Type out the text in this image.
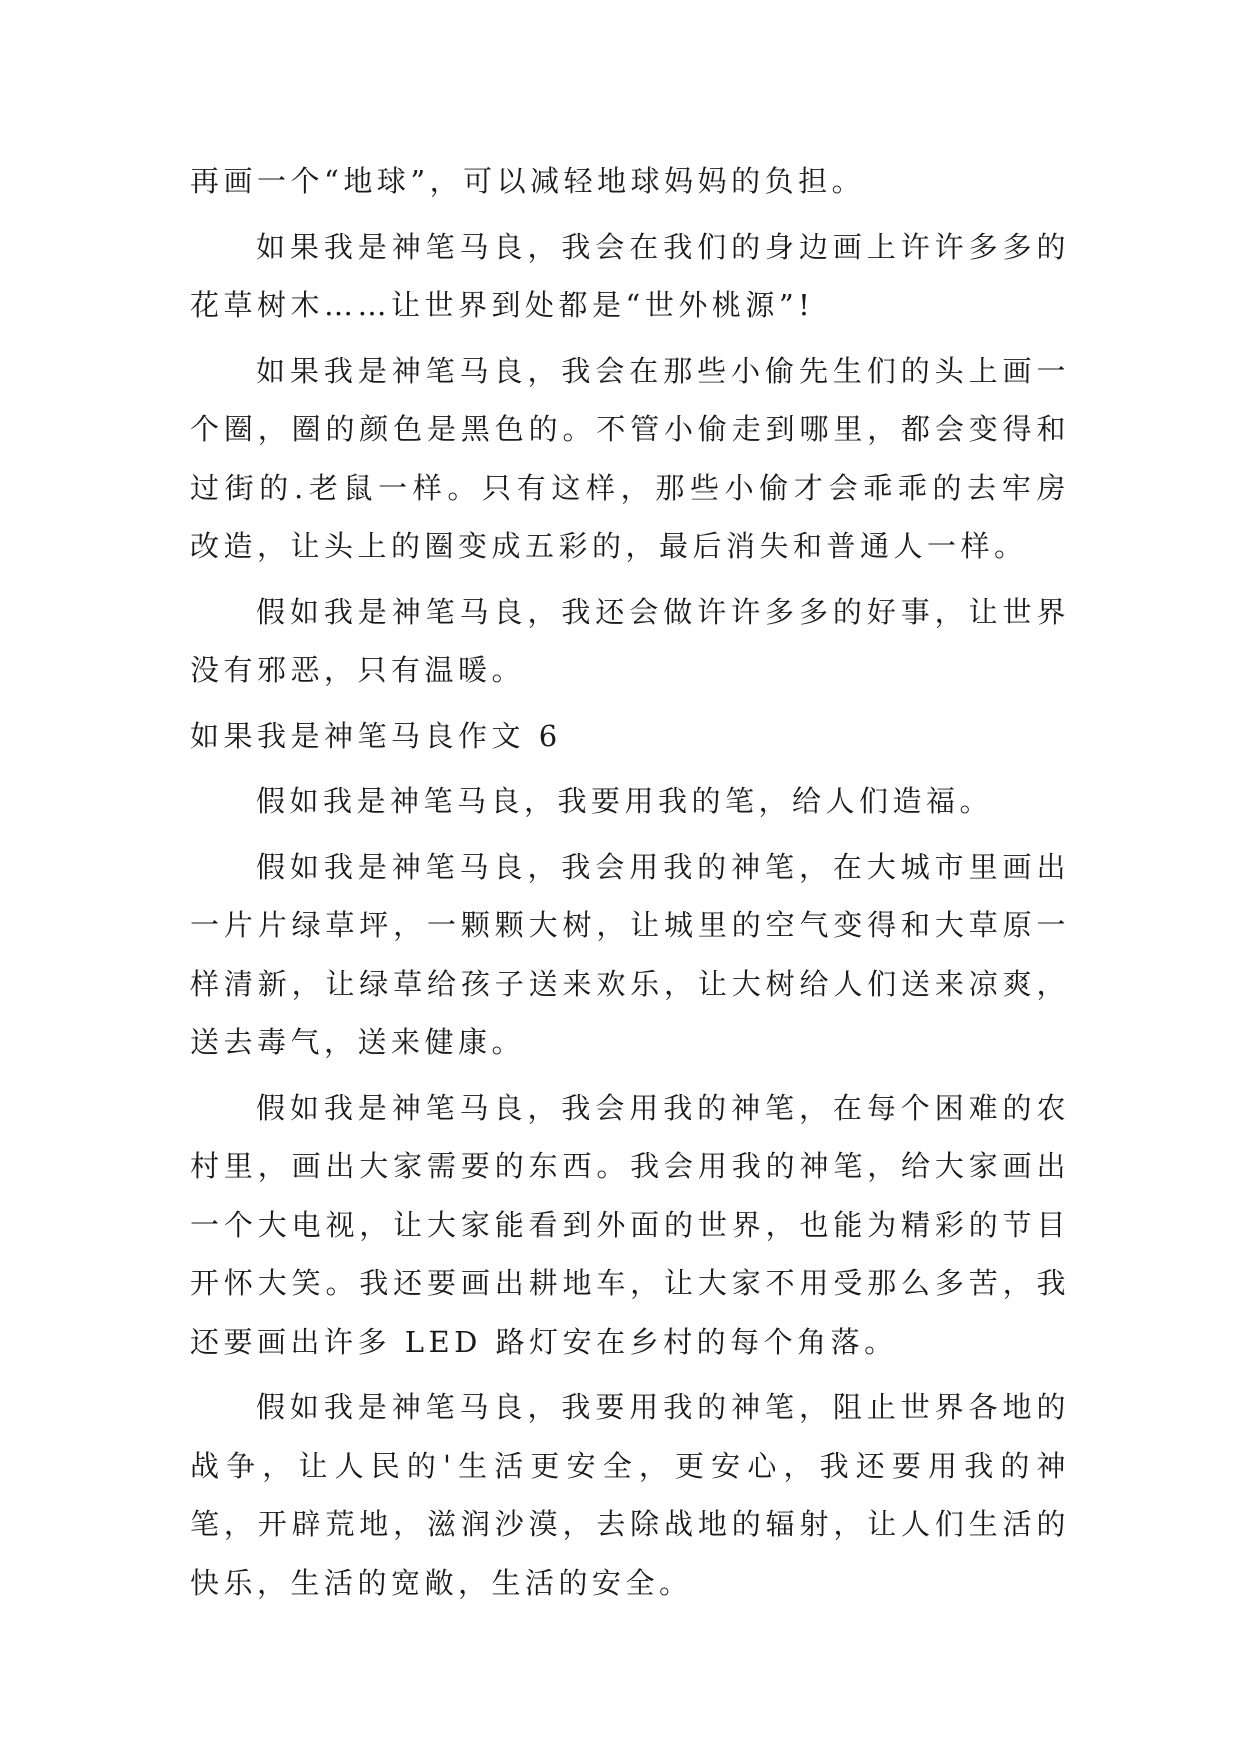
再画一个“地球”，可以减轻地球妈妈的负担。

如果我是神笔马良，我会在我们的身边画上许许多多的花草树木……让世界到处都是“世外桃源”!

如果我是神笔马良，我会在那些小偷先生们的头上画一个圈，圈的颜色是黑色的。不管小偷走到哪里，都会变得和过街的.老鼠一样。只有这样，那些小偷才会乖乖的去牢房改造，让头上的圈变成五彩的，最后消失和普通人一样。

假如我是神笔马良，我还会做许许多多的好事，让世界没有邪恶，只有温暖。

如果我是神笔马良作文 6

假如我是神笔马良，我要用我的笔，给人们造福。

假如我是神笔马良，我会用我的神笔，在大城市里画出一片片绿草坪，一颗颗大树，让城里的空气变得和大草原一样清新，让绿草给孩子送来欢乐，让大树给人们送来凉爽，送去毒气，送来健康。

假如我是神笔马良，我会用我的神笔，在每个困难的农村里，画出大家需要的东西。我会用我的神笔，给大家画出一个大电视，让大家能看到外面的世界，也能为精彩的节目开怀大笑。我还要画出耕地车，让大家不用受那么多苦，我还要画出许多 LED 路灯安在乡村的每个角落。

假如我是神笔马良，我要用我的神笔，阻止世界各地的战争，让人民的'生活更安全，更安心，我还要用我的神笔，开辟荒地，滋润沙漠，去除战地的辐射，让人们生活的快乐，生活的宽敞，生活的安全。
